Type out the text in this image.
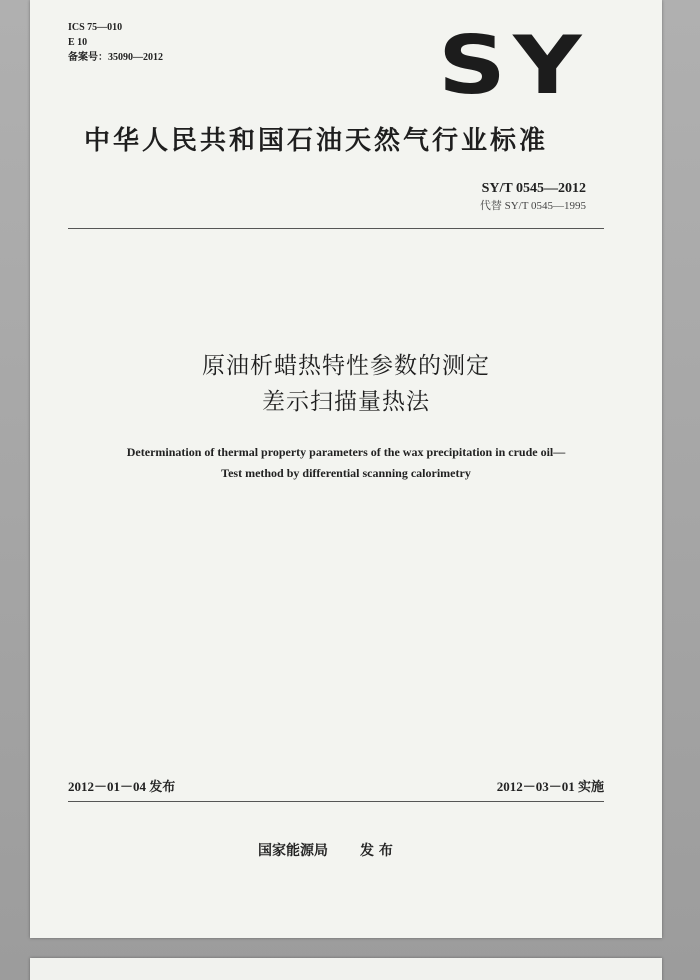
ICS 75—010
E 10
备案号：35090—2012	SY
中华人民共和国石油天然气行业标准
SY/T 0545—2012
代替 SY/T 0545—1995
原油析蜡热特性参数的测定
差示扫描量热法
Determination of thermal property parameters of the wax precipitation in crude oil—
Test method by differential scanning calorimetry
2012－01－04 发布	2012－03－01 实施
国家能源局 发 布
